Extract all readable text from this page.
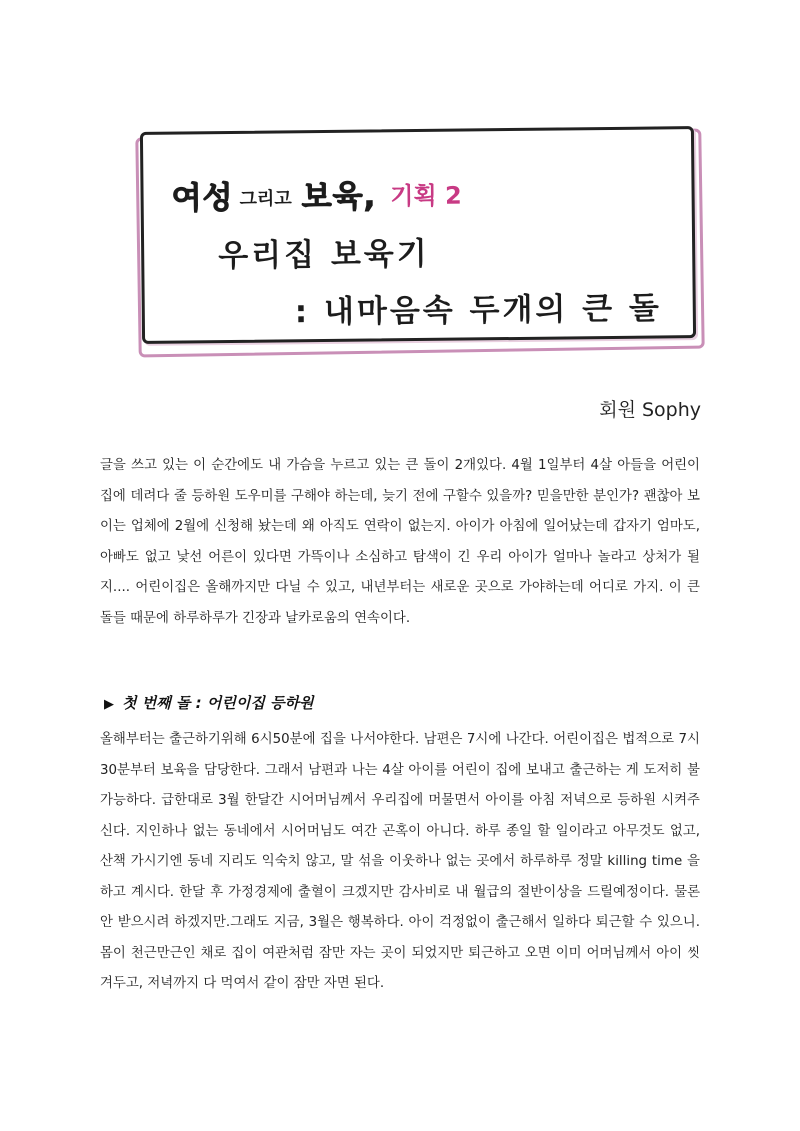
여성 그리고 보육, 기획 2
우리집 보육기
: 내마음속 두개의 큰 돌
회원 Sophy

글을 쓰고 있는 이 순간에도 내 가슴을 누르고 있는 큰 돌이 2개있다. 4월 1일부터 4살 아들을 어린이 집에 데려다 줄 등하원 도우미를 구해야 하는데, 늦기 전에 구할수 있을까? 믿을만한 분인가? 괜찮아 보이는 업체에 2월에 신청해 놨는데 왜 아직도 연락이 없는지. 아이가 아침에 일어났는데 갑자기 엄마도, 아빠도 없고 낯선 어른이 있다면 가뜩이나 소심하고 탐색이 긴 우리 아이가 얼마나 놀라고 상처가 될지.... 어린이집은 올해까지만 다닐 수 있고, 내년부터는 새로운 곳으로 가야하는데 어디로 가지. 이 큰 돌들 때문에 하루하루가 긴장과 날카로움의 연속이다.

▶ 첫 번째 돌 : 어린이집 등하원

올해부터는 출근하기위해 6시50분에 집을 나서야한다. 남편은 7시에 나간다. 어린이집은 법적으로 7시30분부터 보육을 담당한다. 그래서 남편과 나는 4살 아이를 어린이 집에 보내고 출근하는 게 도저히 불가능하다. 급한대로 3월 한달간 시어머님께서 우리집에 머물면서 아이를 아침 저녁으로 등하원 시켜주신다. 지인하나 없는 동네에서 시어머님도 여간 곤혹이 아니다. 하루 종일 할 일이라고 아무것도 없고, 산책 가시기엔 동네 지리도 익숙치 않고, 말 섞을 이웃하나 없는 곳에서 하루하루 정말 killing time 을 하고 계시다. 한달 후 가정경제에 출혈이 크겠지만 감사비로 내 월급의 절반이상을 드릴예정이다. 물론 안 받으시려 하겠지만.그래도 지금, 3월은 행복하다. 아이 걱정없이 출근해서 일하다 퇴근할 수 있으니. 몸이 천근만근인 채로 집이 여관처럼 잠만 자는 곳이 되었지만 퇴근하고 오면 이미 어머님께서 아이 씻겨두고, 저녁까지 다 먹여서 같이 잠만 자면 된다.
